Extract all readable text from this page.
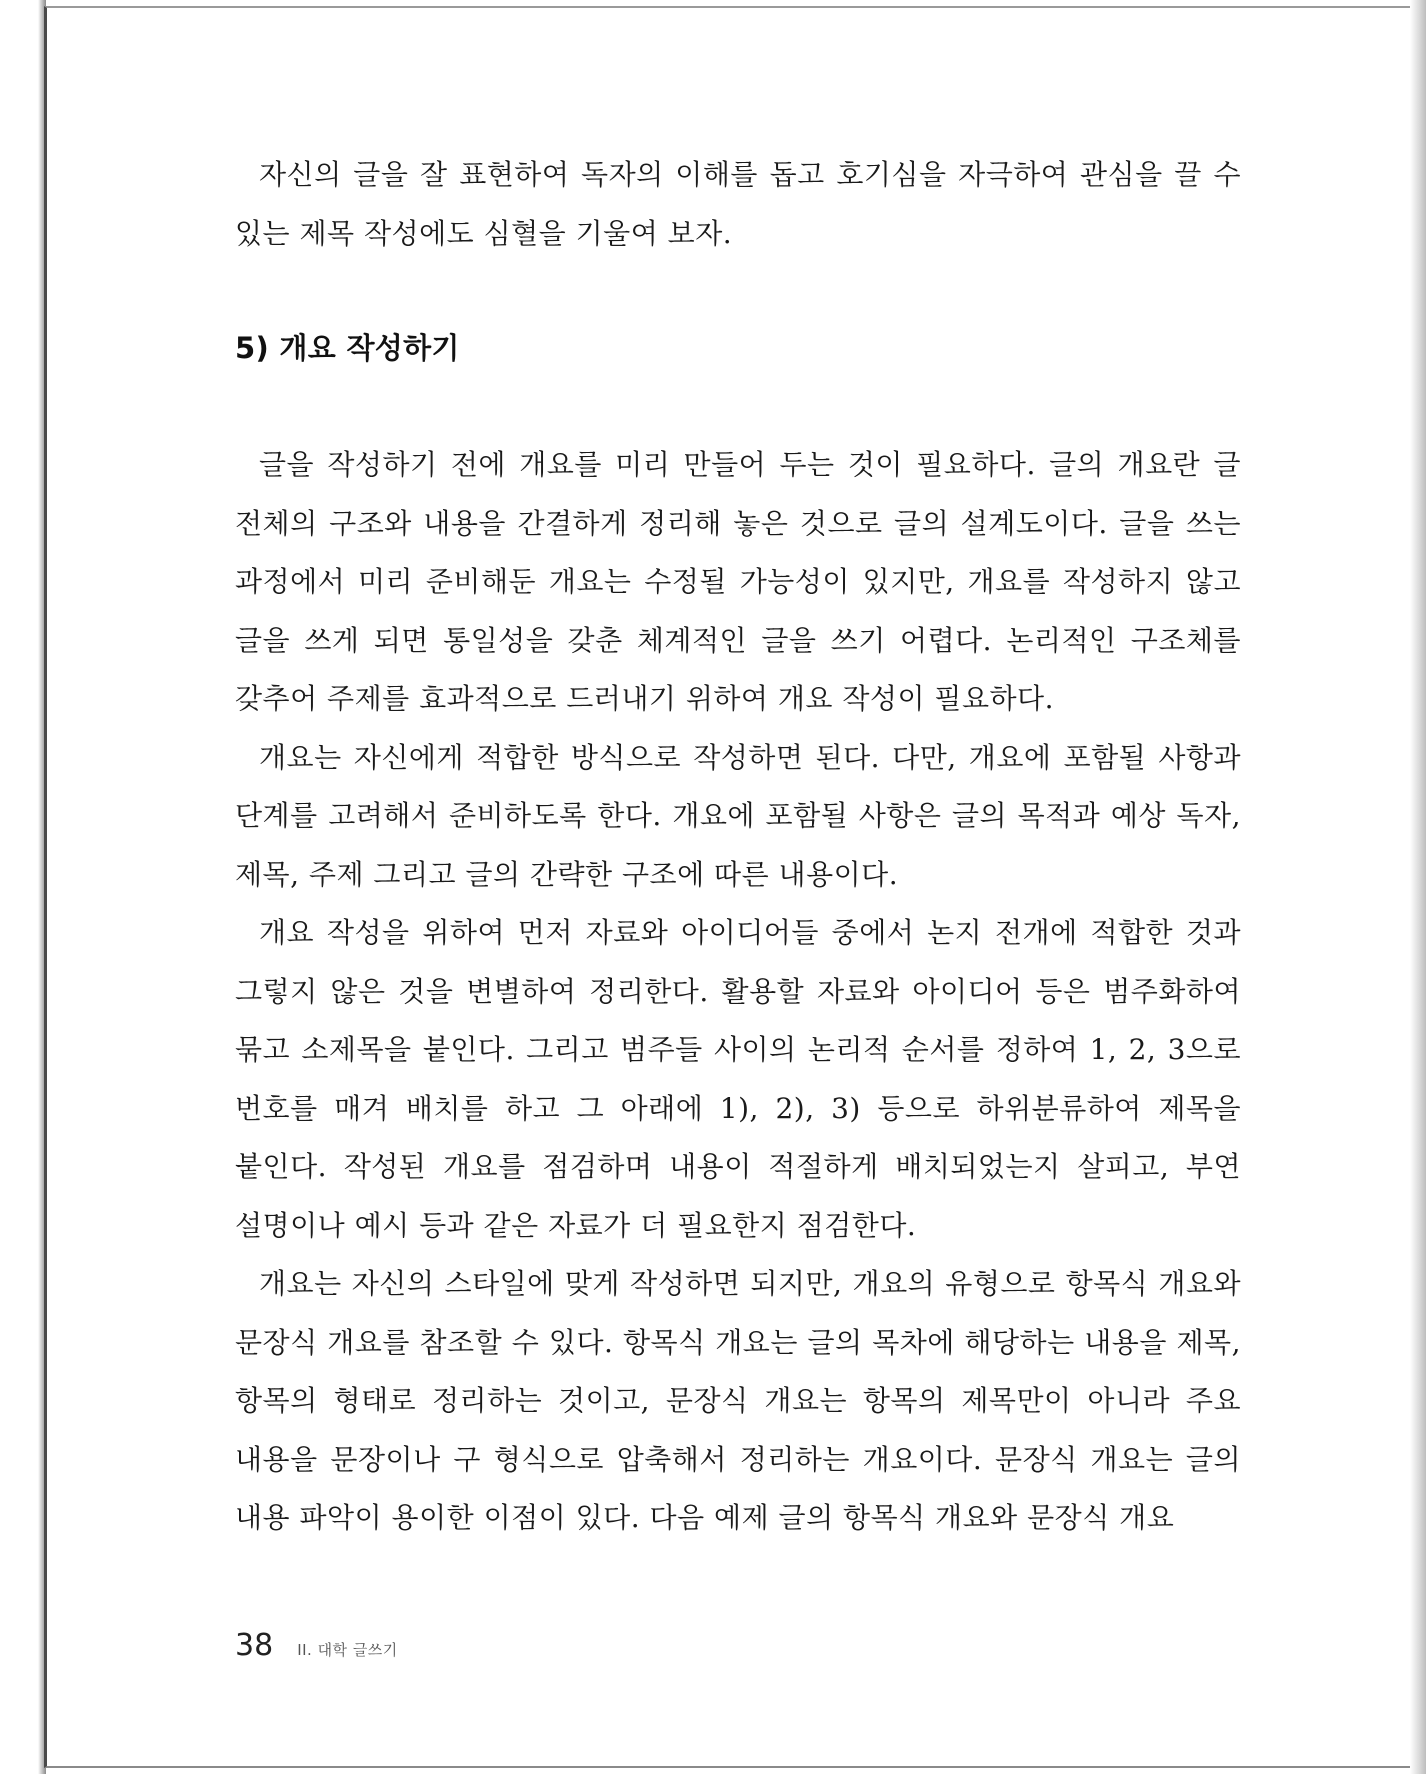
자신의 글을 잘 표현하여 독자의 이해를 돕고 호기심을 자극하여 관심을 끌 수 있는 제목 작성에도 심혈을 기울여 보자.

5) 개요 작성하기

글을 작성하기 전에 개요를 미리 만들어 두는 것이 필요하다. 글의 개요란 글 전체의 구조와 내용을 간결하게 정리해 놓은 것으로 글의 설계도이다. 글을 쓰는 과정에서 미리 준비해둔 개요는 수정될 가능성이 있지만, 개요를 작성하지 않고 글을 쓰게 되면 통일성을 갖춘 체계적인 글을 쓰기 어렵다. 논리적인 구조체를 갖추어 주제를 효과적으로 드러내기 위하여 개요 작성이 필요하다.

개요는 자신에게 적합한 방식으로 작성하면 된다. 다만, 개요에 포함될 사항과 단계를 고려해서 준비하도록 한다. 개요에 포함될 사항은 글의 목적과 예상 독자, 제목, 주제 그리고 글의 간략한 구조에 따른 내용이다.

개요 작성을 위하여 먼저 자료와 아이디어들 중에서 논지 전개에 적합한 것과 그렇지 않은 것을 변별하여 정리한다. 활용할 자료와 아이디어 등은 범주화하여 묶고 소제목을 붙인다. 그리고 범주들 사이의 논리적 순서를 정하여 1, 2, 3으로 번호를 매겨 배치를 하고 그 아래에 1), 2), 3) 등으로 하위분류하여 제목을 붙인다. 작성된 개요를 점검하며 내용이 적절하게 배치되었는지 살피고, 부연 설명이나 예시 등과 같은 자료가 더 필요한지 점검한다.

개요는 자신의 스타일에 맞게 작성하면 되지만, 개요의 유형으로 항목식 개요와 문장식 개요를 참조할 수 있다. 항목식 개요는 글의 목차에 해당하는 내용을 제목, 항목의 형태로 정리하는 것이고, 문장식 개요는 항목의 제목만이 아니라 주요 내용을 문장이나 구 형식으로 압축해서 정리하는 개요이다. 문장식 개요는 글의 내용 파악이 용이한 이점이 있다. 다음 예제 글의 항목식 개요와 문장식 개요

38 II. 대학 글쓰기
